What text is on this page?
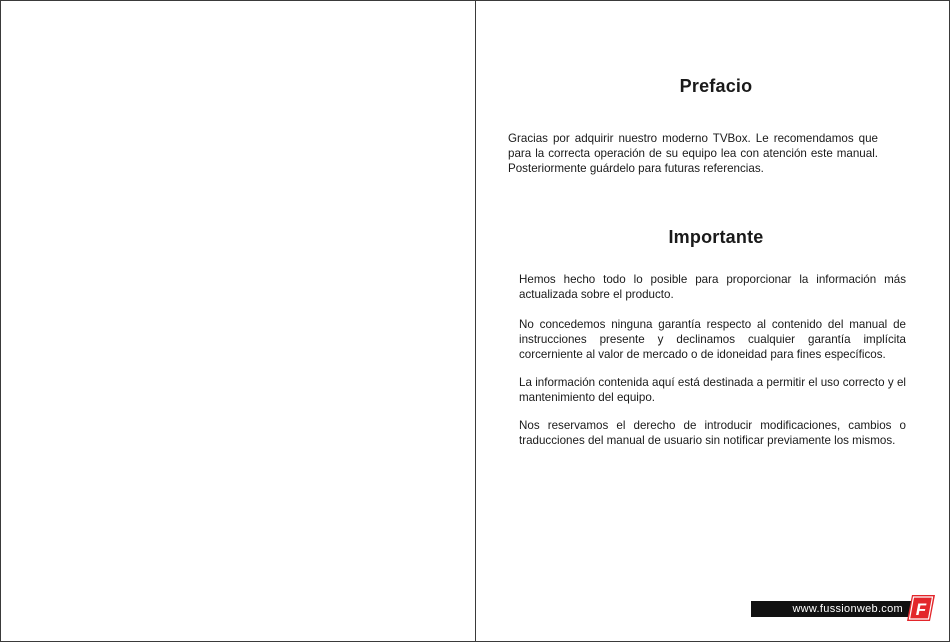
Prefacio

Gracias por adquirir nuestro moderno TVBox. Le recomendamos que para la correcta operación de su equipo lea con atención este manual. Posteriormente guárdelo para futuras referencias.

Importante

Hemos hecho todo lo posible para proporcionar la información más actualizada sobre el producto.

No concedemos ninguna garantía respecto al contenido del manual de instrucciones presente y declinamos cualquier garantía implícita corcerniente al valor de mercado o de idoneidad para fines específicos.

La información contenida aquí está destinada a permitir el uso correcto y el mantenimiento del equipo.

Nos reservamos el derecho de introducir modificaciones, cambios o traducciones del manual de usuario sin notificar previamente los mismos.

www.fussionweb.com F
